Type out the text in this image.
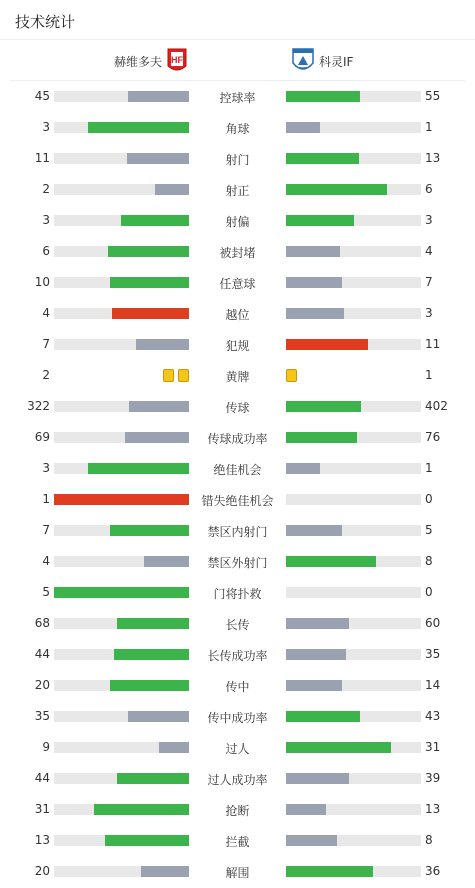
技术统计
赫维多夫 HF	科灵IF
45	控球率	55
3	角球	1
11	射门	13
2	射正	6
3	射偏	3
6	被封堵	4
10	任意球	7
4	越位	3
7	犯规	11
2	黄牌	1
322	传球	402
69	传球成功率	76
3	绝佳机会	1
1	错失绝佳机会	0
7	禁区内射门	5
4	禁区外射门	8
5	门将扑救	0
68	长传	60
44	长传成功率	35
20	传中	14
35	传中成功率	43
9	过人	31
44	过人成功率	39
31	抢断	13
13	拦截	8
20	解围	36
